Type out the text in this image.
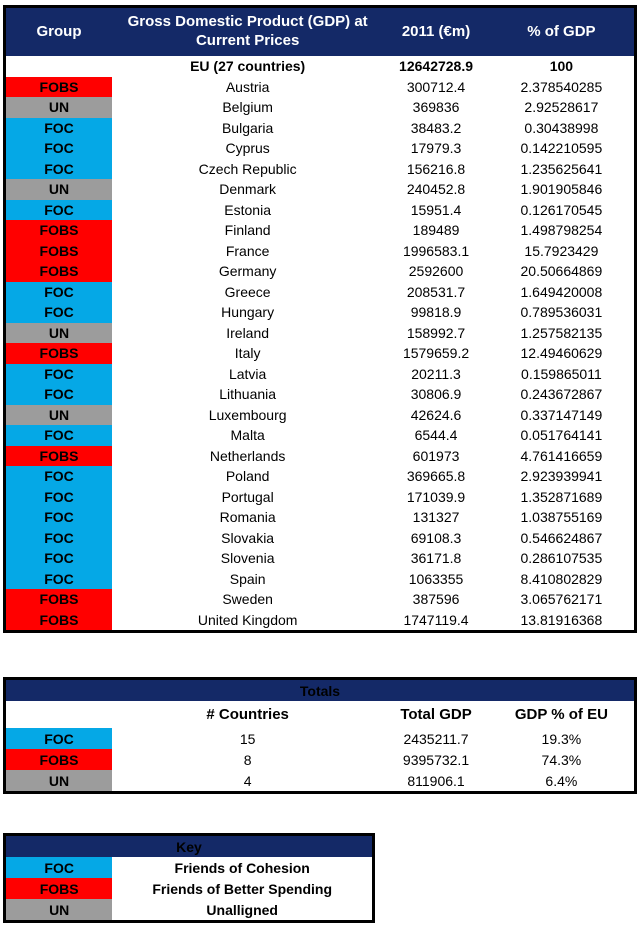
Group	Gross Domestic Product (GDP) at Current Prices	2011 (€m)	% of GDP

	EU (27 countries)	12642728.9	100
FOBS	Austria	300712.4	2.378540285
UN	Belgium	369836	2.92528617
FOC	Bulgaria	38483.2	0.30438998
FOC	Cyprus	17979.3	0.142210595
FOC	Czech Republic	156216.8	1.235625641
UN	Denmark	240452.8	1.901905846
FOC	Estonia	15951.4	0.126170545
FOBS	Finland	189489	1.498798254
FOBS	France	1996583.1	15.7923429
FOBS	Germany	2592600	20.50664869
FOC	Greece	208531.7	1.649420008
FOC	Hungary	99818.9	0.789536031
UN	Ireland	158992.7	1.257582135
FOBS	Italy	1579659.2	12.49460629
FOC	Latvia	20211.3	0.159865011
FOC	Lithuania	30806.9	0.243672867
UN	Luxembourg	42624.6	0.337147149
FOC	Malta	6544.4	0.051764141
FOBS	Netherlands	601973	4.761416659
FOC	Poland	369665.8	2.923939941
FOC	Portugal	171039.9	1.352871689
FOC	Romania	131327	1.038755169
FOC	Slovakia	69108.3	0.546624867
FOC	Slovenia	36171.8	0.286107535
FOC	Spain	1063355	8.410802829
FOBS	Sweden	387596	3.065762171
FOBS	United Kingdom	1747119.4	13.81916368
Totals			
	# Countries	Total GDP	GDP % of EU
FOC	15	2435211.7	19.3%
FOBS	8	9395732.1	74.3%
UN	4	811906.1	6.4%
Key	
FOC	Friends of Cohesion
FOBS	Friends of Better Spending
UN	Unalligned
